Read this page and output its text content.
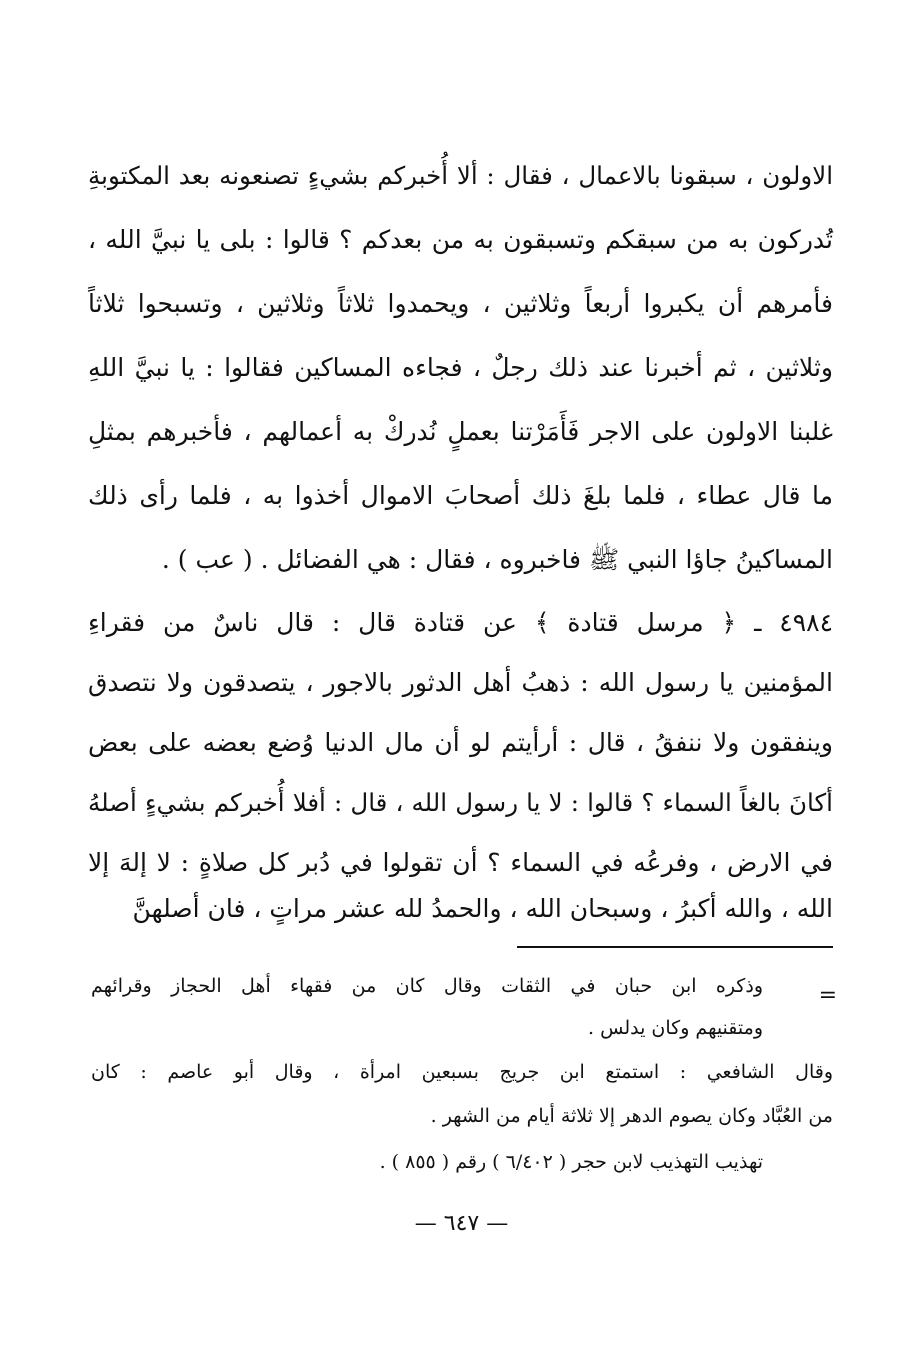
الاولون ، سبقونا بالاعمال ، فقال : ألا أُخبركم بشيءٍ تصنعونه بعد المكتوبةِ
تُدركون به من سبقكم وتسبقون به من بعدكم ؟ قالوا : بلى يا نبيَّ الله ،
فأمرهم أن يكبروا أربعاً وثلاثين ، ويحمدوا ثلاثاً وثلاثين ، وتسبحوا ثلاثاً
وثلاثين ، ثم أخبرنا عند ذلك رجلٌ ، فجاءه المساكين فقالوا : يا نبيَّ اللهِ
غلبنا الاولون على الاجر فَأَمَرْتنا بعملٍ نُدركْ به أعمالهم ، فأخبرهم بمثلِ
ما قال عطاء ، فلما بلغَ ذلك أصحابَ الاموال أخذوا به ، فلما رأى ذلك
المساكينُ جاؤا النبي ﷺ فاخبروه ، فقال : هي الفضائل . ( عب ) .
٤٩٨٤ ـ ﴿ مرسل قتادة ﴾ عن قتادة قال : قال ناسٌ من فقراءِ
المؤمنين يا رسول الله : ذهبُ أهل الدثور بالاجور ، يتصدقون ولا نتصدق
وينفقون ولا ننفقُ ، قال : أرأيتم لو أن مال الدنيا وُضع بعضه على بعض
أكانَ بالغاً السماء ؟ قالوا : لا يا رسول الله ، قال : أفلا أُخبركم بشيءٍ أصلهُ
في الارض ، وفرعُه في السماء ؟ أن تقولوا في دُبر كل صلاةٍ : لا إلهَ إلا
الله ، والله أكبرُ ، وسبحان الله ، والحمدُ لله عشر مراتٍ ، فان أصلهنَّ
=
وذكره ابن حبان في الثقات وقال كان من فقهاء أهل الحجاز وقرائهم
ومتقنيهم وكان يدلس .
وقال الشافعي : استمتع ابن جريج بسبعين امرأة ، وقال أبو عاصم : كان
من العُبَّاد وكان يصوم الدهر إلا ثلاثة أيام من الشهر .
تهذيب التهذيب لابن حجر ( ٦/٤٠٢ ) رقم ( ٨٥٥ ) .
— ٦٤٧ —
